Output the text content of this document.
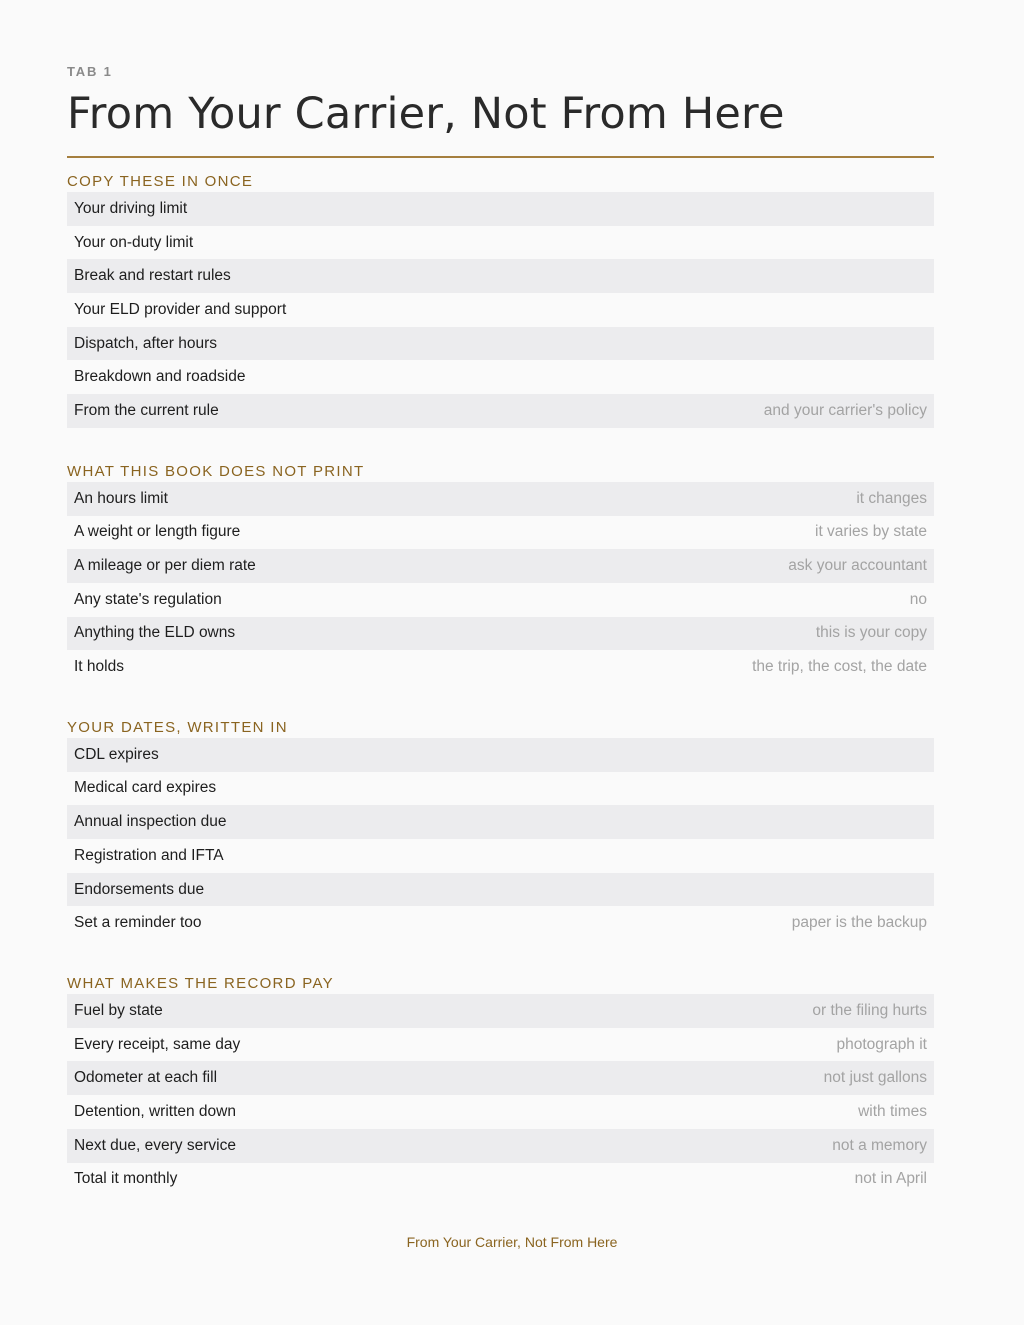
TAB 1
From Your Carrier, Not From Here
COPY THESE IN ONCE
Your driving limit
Your on-duty limit
Break and restart rules
Your ELD provider and support
Dispatch, after hours
Breakdown and roadside
From the current rule	and your carrier's policy
WHAT THIS BOOK DOES NOT PRINT
An hours limit	it changes
A weight or length figure	it varies by state
A mileage or per diem rate	ask your accountant
Any state's regulation	no
Anything the ELD owns	this is your copy
It holds	the trip, the cost, the date
YOUR DATES, WRITTEN IN
CDL expires
Medical card expires
Annual inspection due
Registration and IFTA
Endorsements due
Set a reminder too	paper is the backup
WHAT MAKES THE RECORD PAY
Fuel by state	or the filing hurts
Every receipt, same day	photograph it
Odometer at each fill	not just gallons
Detention, written down	with times
Next due, every service	not a memory
Total it monthly	not in April
From Your Carrier, Not From Here
